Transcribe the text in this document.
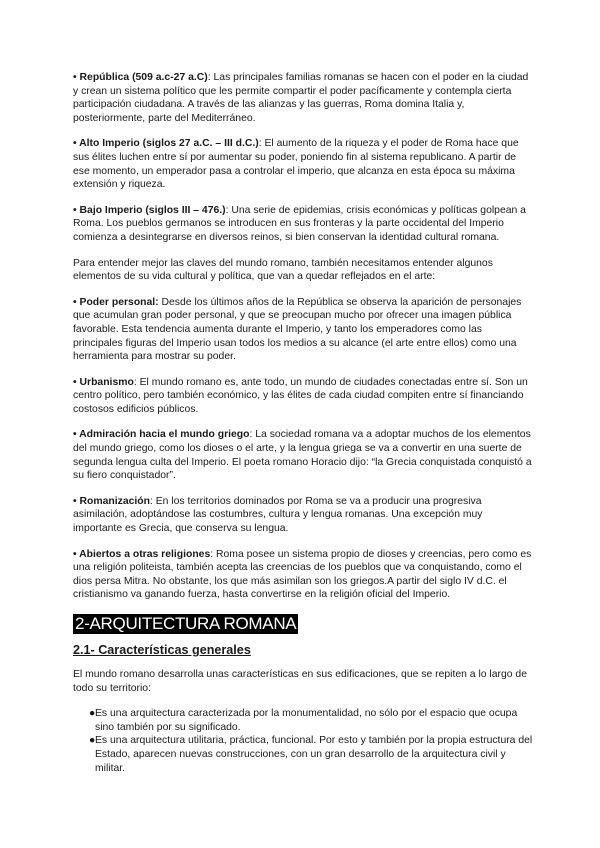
• República (509 a.c-27 a.C): Las principales familias romanas se hacen con el poder en la ciudad y crean un sistema político que les permite compartir el poder pacíficamente y contempla cierta participación ciudadana. A través de las alianzas y las guerras, Roma domina Italia y, posteriormente, parte del Mediterráneo.

• Alto Imperio (siglos 27 a.C. – III d.C.): El aumento de la riqueza y el poder de Roma hace que sus élites luchen entre sí por aumentar su poder, poniendo fin al sistema republicano. A partir de ese momento, un emperador pasa a controlar el imperio, que alcanza en esta época su máxima extensión y riqueza.

• Bajo Imperio (siglos III – 476.): Una serie de epidemias, crisis económicas y políticas golpean a Roma. Los pueblos germanos se introducen en sus fronteras y la parte occidental del Imperio comienza a desintegrarse en diversos reinos, si bien conservan la identidad cultural romana.

Para entender mejor las claves del mundo romano, también necesitamos entender algunos elementos de su vida cultural y política, que van a quedar reflejados en el arte:

• Poder personal: Desde los últimos años de la República se observa la aparición de personajes que acumulan gran poder personal, y que se preocupan mucho por ofrecer una imagen pública favorable. Esta tendencia aumenta durante el Imperio, y tanto los emperadores como las principales figuras del Imperio usan todos los medios a su alcance (el arte entre ellos) como una herramienta para mostrar su poder.

• Urbanismo: El mundo romano es, ante todo, un mundo de ciudades conectadas entre sí. Son un centro político, pero también económico, y las élites de cada ciudad compiten entre sí financiando costosos edificios públicos.

• Admiración hacia el mundo griego: La sociedad romana va a adoptar muchos de los elementos del mundo griego, como los dioses o el arte, y la lengua griega se va a convertir en una suerte de segunda lengua culta del Imperio. El poeta romano Horacio dijo: “la Grecia conquistada conquistó a su fiero conquistador”.

• Romanización: En los territorios dominados por Roma se va a producir una progresiva asimilación, adoptándose las costumbres, cultura y lengua romanas. Una excepción muy importante es Grecia, que conserva su lengua.

• Abiertos a otras religiones: Roma posee un sistema propio de dioses y creencias, pero como es una religión politeista, también acepta las creencias de los pueblos que va conquistando, como el dios persa Mitra. No obstante, los que más asimilan son los griegos.A partir del siglo IV d.C. el cristianismo va ganando fuerza, hasta convertirse en la religión oficial del Imperio.

2-ARQUITECTURA ROMANA
2.1- Características generales

El mundo romano desarrolla unas características en sus edificaciones, que se repiten a lo largo de todo su territorio:

● Es una arquitectura caracterizada por la monumentalidad, no sólo por el espacio que ocupa sino también por su significado.
● Es una arquitectura utilitaria, práctica, funcional. Por esto y también por la propia estructura del Estado, aparecen nuevas construcciones, con un gran desarrollo de la arquitectura civil y militar.
